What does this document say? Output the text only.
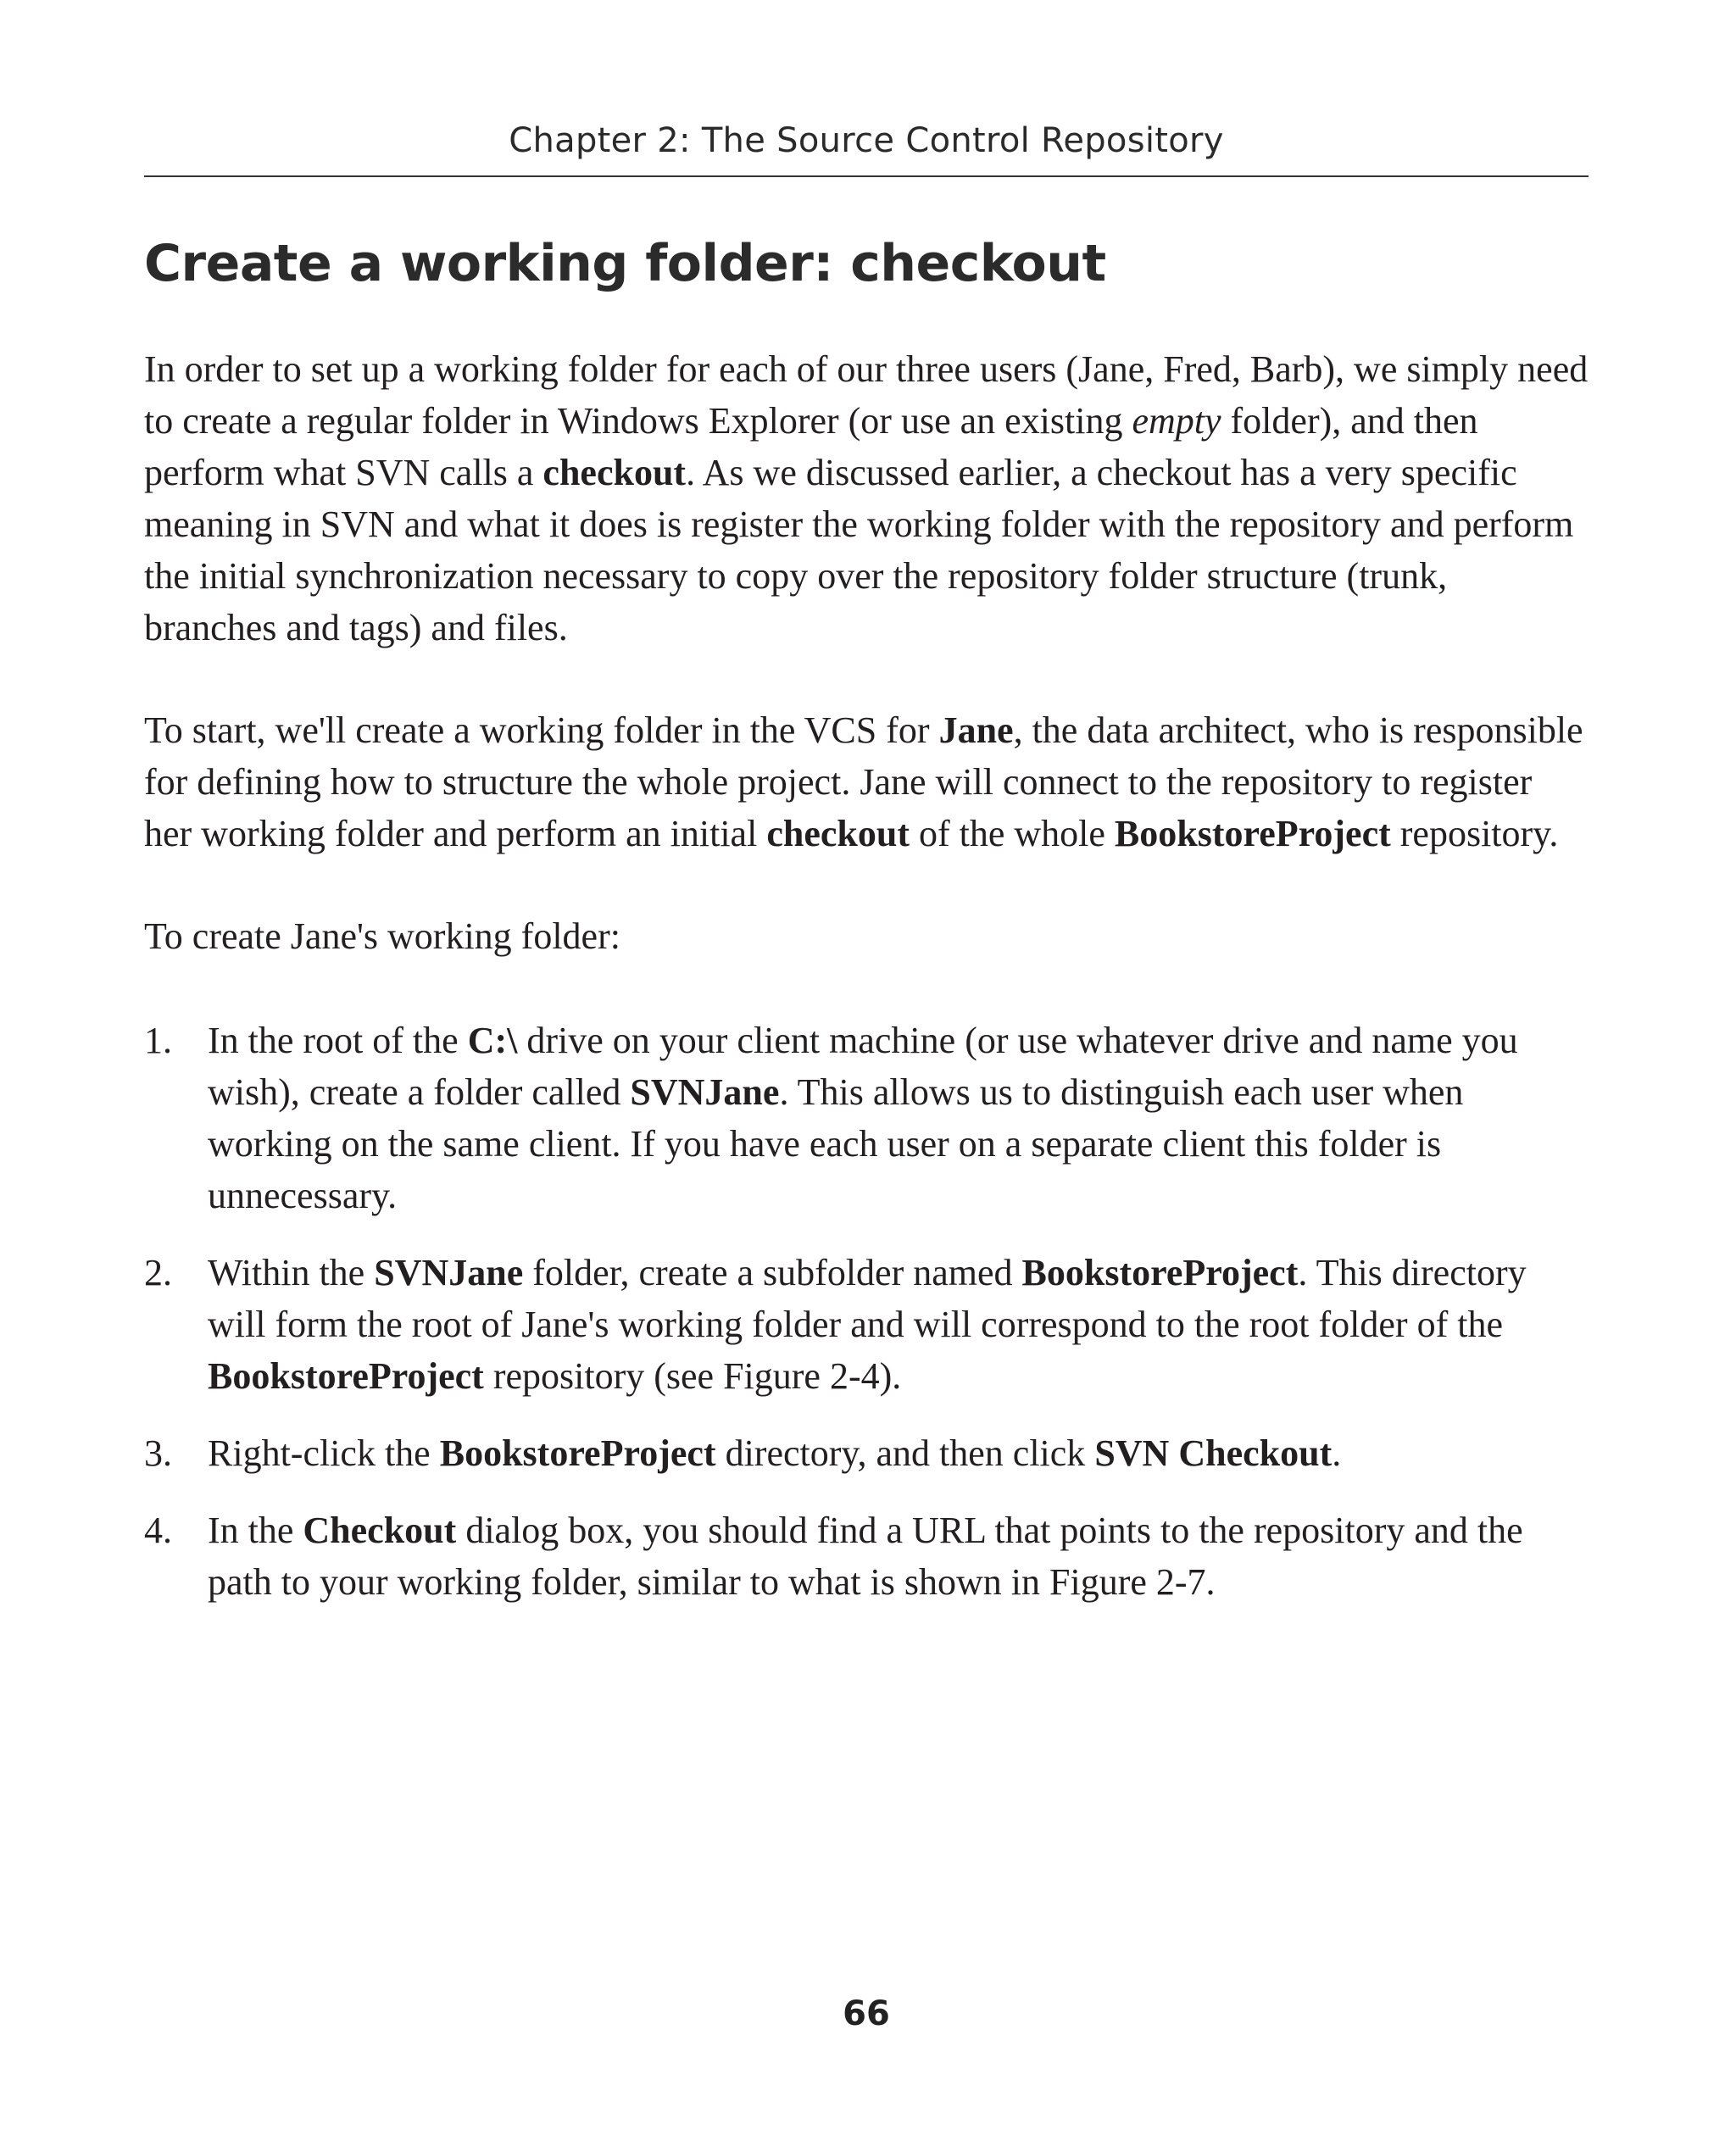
Chapter 2: The Source Control Repository
Create a working folder: checkout

In order to set up a working folder for each of our three users (Jane, Fred, Barb), we simply need to create a regular folder in Windows Explorer (or use an existing empty folder), and then perform what SVN calls a checkout. As we discussed earlier, a checkout has a very specific meaning in SVN and what it does is register the working folder with the repository and perform the initial synchronization necessary to copy over the repository folder structure (trunk, branches and tags) and files.

To start, we'll create a working folder in the VCS for Jane, the data architect, who is responsible for defining how to structure the whole project. Jane will connect to the repository to register her working folder and perform an initial checkout of the whole BookstoreProject repository.

To create Jane's working folder:

1. In the root of the C:\ drive on your client machine (or use whatever drive and name you wish), create a folder called SVNJane. This allows us to distinguish each user when working on the same client. If you have each user on a separate client this folder is unnecessary.
2. Within the SVNJane folder, create a subfolder named BookstoreProject. This directory will form the root of Jane's working folder and will correspond to the root folder of the BookstoreProject repository (see Figure 2-4).
3. Right-click the BookstoreProject directory, and then click SVN Checkout.
4. In the Checkout dialog box, you should find a URL that points to the repository and the path to your working folder, similar to what is shown in Figure 2-7.
66
